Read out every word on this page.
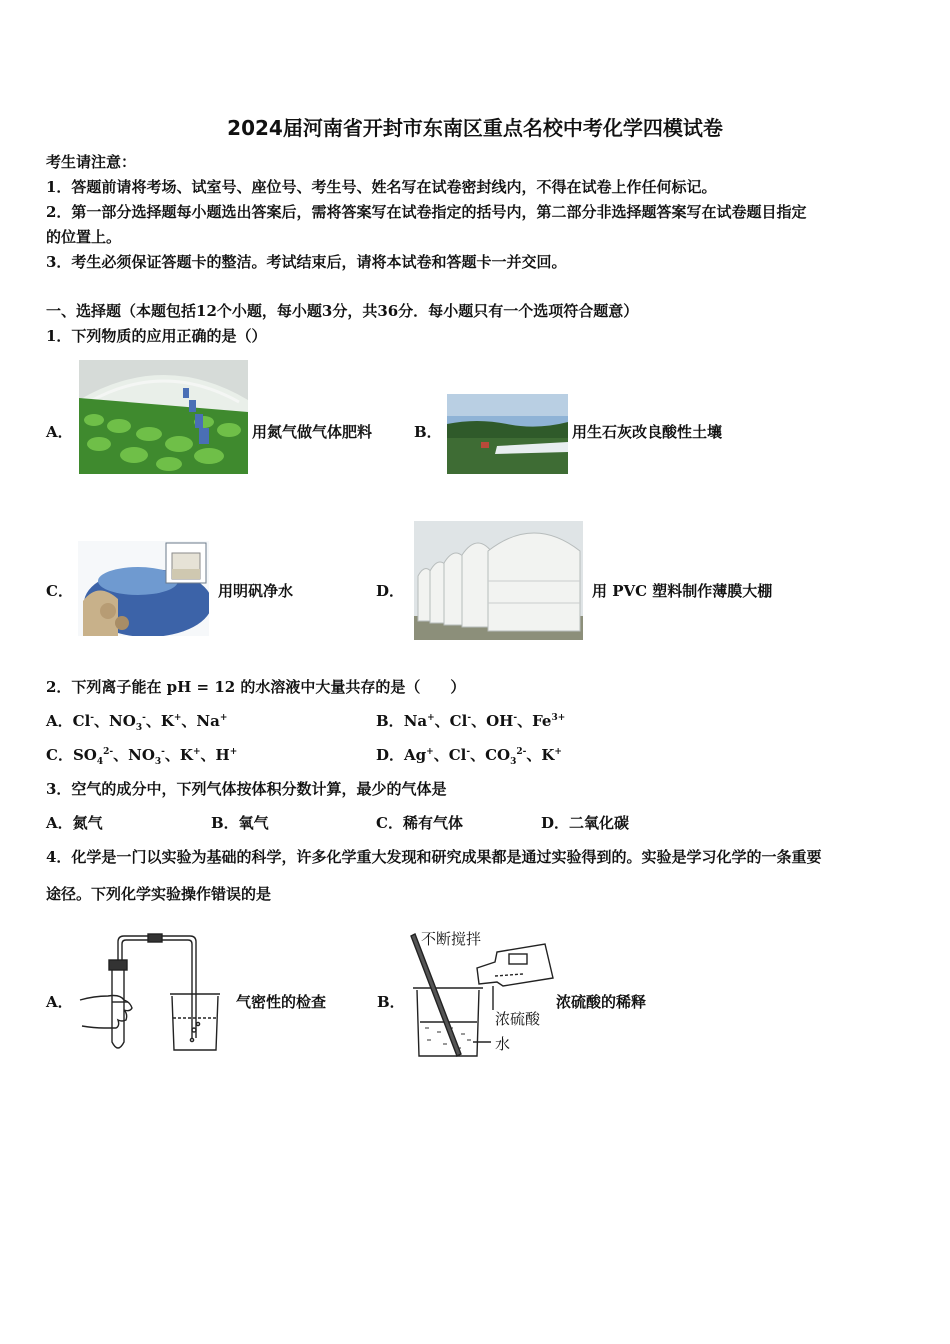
2024届河南省开封市东南区重点名校中考化学四模试卷
考生请注意：
1．答题前请将考场、试室号、座位号、考生号、姓名写在试卷密封线内，不得在试卷上作任何标记。
2．第一部分选择题每小题选出答案后，需将答案写在试卷指定的括号内，第二部分非选择题答案写在试卷题目指定
的位置上。
3．考生必须保证答题卡的整洁。考试结束后，请将本试卷和答题卡一并交回。
一、选择题（本题包括12个小题，每小题3分，共36分．每小题只有一个选项符合题意）
1．下列物质的应用正确的是（）
A．	用氮气做气体肥料	B．	用生石灰改良酸性土壤
C．	用明矾净水	D．	用 PVC 塑料制作薄膜大棚
2．下列离子能在 pH = 12 的水溶液中大量共存的是（　　）
A．Cl-、$NO_3^-$、K+、Na+	B．Na+、Cl-、OH-、$Fe^{3+}$
C．$SO_4^{2-}$、$NO_3^-$、K+、H+	D．Ag+、Cl-、$CO_3^{2-}$、K+
3．空气的成分中，下列气体按体积分数计算，最少的气体是
A．氮气	B．氧气	C．稀有气体	D．二氧化碳
4．化学是一门以实验为基础的科学，许多化学重大发现和研究成果都是通过实验得到的。实验是学习化学的一条重要
途径。下列化学实验操作错误的是
A．	气密性的检查	B．
不断搅拌
浓硫酸
水
浓硫酸的稀释
